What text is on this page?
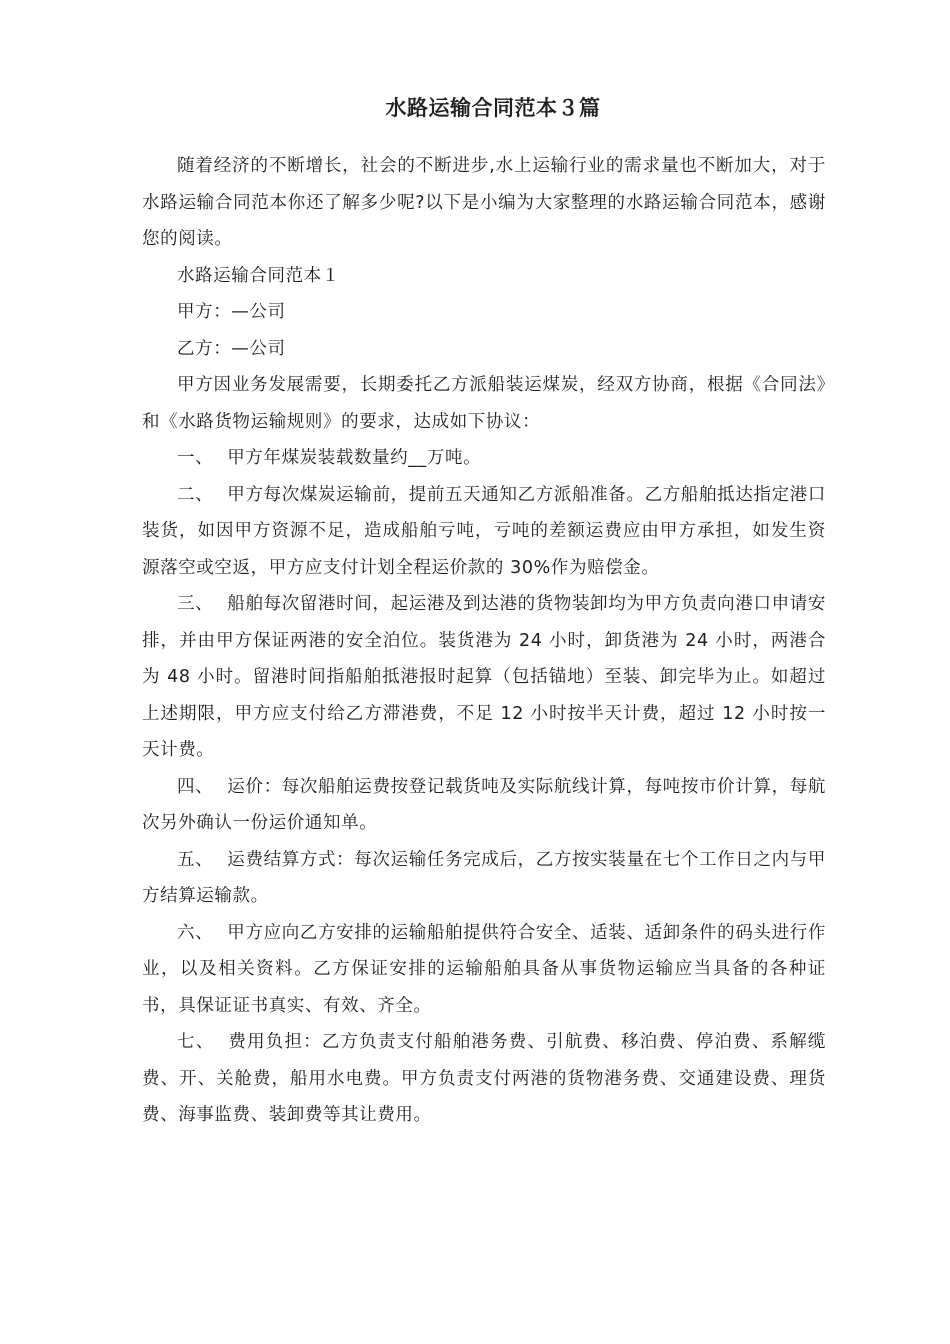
水路运输合同范本３篇

随着经济的不断增长，社会的不断进步,水上运输行业的需求量也不断加大，对于水路运输合同范本你还了解多少呢?以下是小编为大家整理的水路运输合同范本，感谢您的阅读。

水路运输合同范本１

甲方：—公司

乙方：—公司

甲方因业务发展需要，长期委托乙方派船装运煤炭，经双方协商，根据《合同法》和《水路货物运输规则》的要求，达成如下协议：

一、 甲方年煤炭装载数量约__万吨。

二、 甲方每次煤炭运输前，提前五天通知乙方派船准备。乙方船舶抵达指定港口装货，如因甲方资源不足，造成船舶亏吨，亏吨的差额运费应由甲方承担，如发生资源落空或空返，甲方应支付计划全程运价款的 30%作为赔偿金。

三、 船舶每次留港时间，起运港及到达港的货物装卸均为甲方负责向港口申请安排，并由甲方保证两港的安全泊位。装货港为 24 小时，卸货港为 24 小时，两港合为 48 小时。留港时间指船舶抵港报时起算（包括锚地）至装、卸完毕为止。如超过上述期限，甲方应支付给乙方滞港费，不足 12 小时按半天计费，超过 12 小时按一天计费。

四、 运价：每次船舶运费按登记载货吨及实际航线计算，每吨按市价计算，每航次另外确认一份运价通知单。

五、 运费结算方式：每次运输任务完成后，乙方按实装量在七个工作日之内与甲方结算运输款。

六、 甲方应向乙方安排的运输船舶提供符合安全、适装、适卸条件的码头进行作业，以及相关资料。乙方保证安排的运输船舶具备从事货物运输应当具备的各种证书，具保证证书真实、有效、齐全。

七、 费用负担：乙方负责支付船舶港务费、引航费、移泊费、停泊费、系解缆费、开、关舱费，船用水电费。甲方负责支付两港的货物港务费、交通建设费、理货费、海事监费、装卸费等其让费用。
